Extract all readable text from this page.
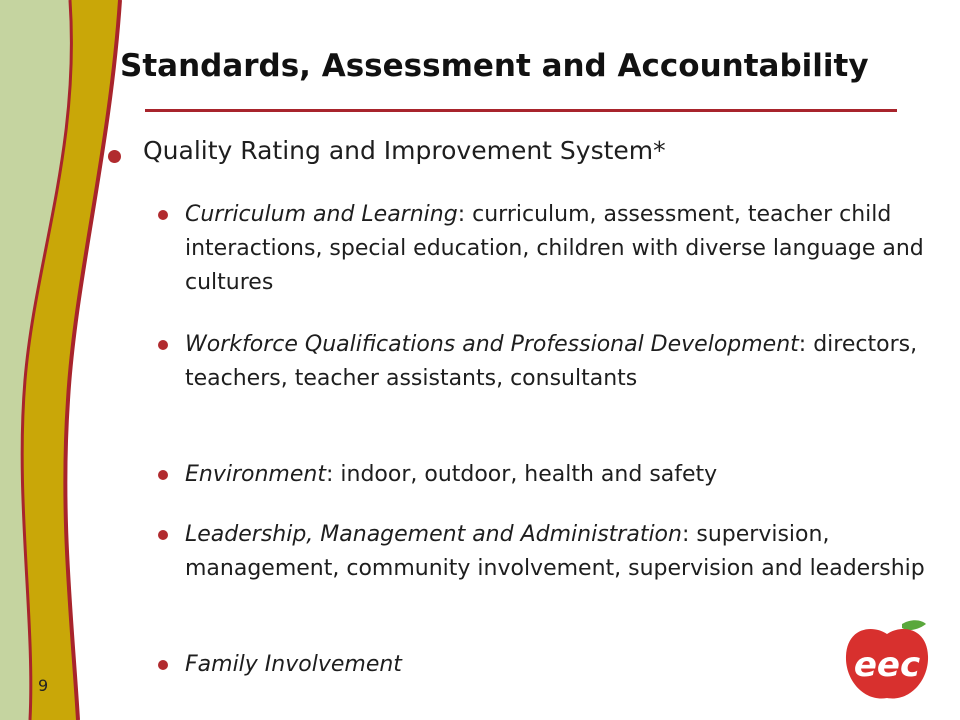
Standards, Assessment and Accountability
Quality Rating and Improvement System*
Curriculum and Learning: curriculum, assessment, teacher child interactions, special education, children with diverse language and cultures
Workforce Qualifications and Professional Development: directors, teachers, teacher assistants, consultants
Environment: indoor, outdoor, health and safety
Leadership, Management and Administration: supervision, management, community involvement, supervision and leadership
Family Involvement
9
eec
